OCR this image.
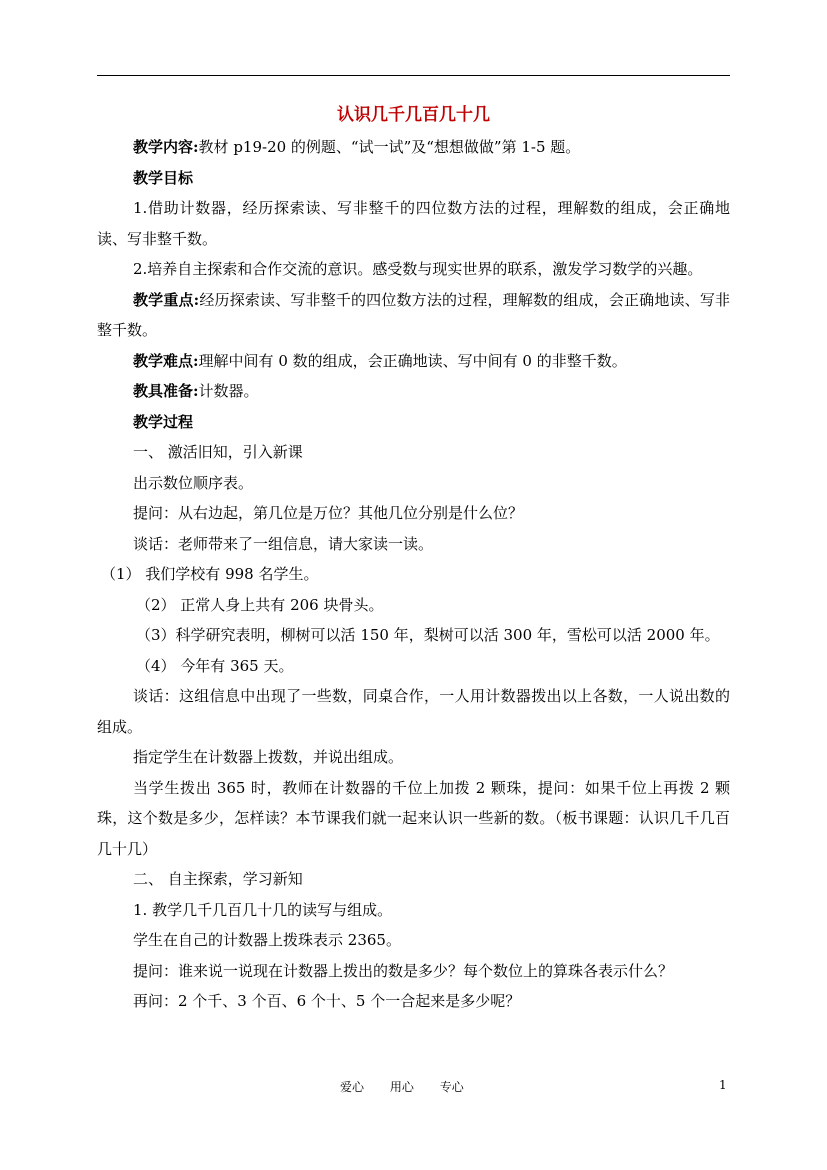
认识几千几百几十几

教学内容:教材 p19-20 的例题、“试一试”及“想想做做”第 1-5 题。

教学目标

1.借助计数器，经历探索读、写非整千的四位数方法的过程，理解数的组成，会正确地读、写非整千数。

2.培养自主探索和合作交流的意识。感受数与现实世界的联系，激发学习数学的兴趣。

教学重点:经历探索读、写非整千的四位数方法的过程，理解数的组成，会正确地读、写非整千数。

教学难点:理解中间有 0 数的组成，会正确地读、写中间有 0 的非整千数。

教具准备:计数器。

教学过程

一、 激活旧知，引入新课

出示数位顺序表。

提问：从右边起，第几位是万位？其他几位分别是什么位？

谈话：老师带来了一组信息，请大家读一读。

（1） 我们学校有 998 名学生。

（2） 正常人身上共有 206 块骨头。

（3）科学研究表明，柳树可以活 150 年，梨树可以活 300 年，雪松可以活 2000 年。

（4） 今年有 365 天。

谈话：这组信息中出现了一些数，同桌合作，一人用计数器拨出以上各数，一人说出数的组成。

指定学生在计数器上拨数，并说出组成。

当学生拨出 365 时，教师在计数器的千位上加拨 2 颗珠，提问：如果千位上再拨 2 颗珠，这个数是多少，怎样读？本节课我们就一起来认识一些新的数。（板书课题：认识几千几百几十几）

二、 自主探索，学习新知

1. 教学几千几百几十几的读写与组成。

学生在自己的计数器上拨珠表示 2365。

提问：谁来说一说现在计数器上拨出的数是多少？每个数位上的算珠各表示什么？

再问：2 个千、3 个百、6 个十、5 个一合起来是多少呢？

爱心 用心 专心	1
